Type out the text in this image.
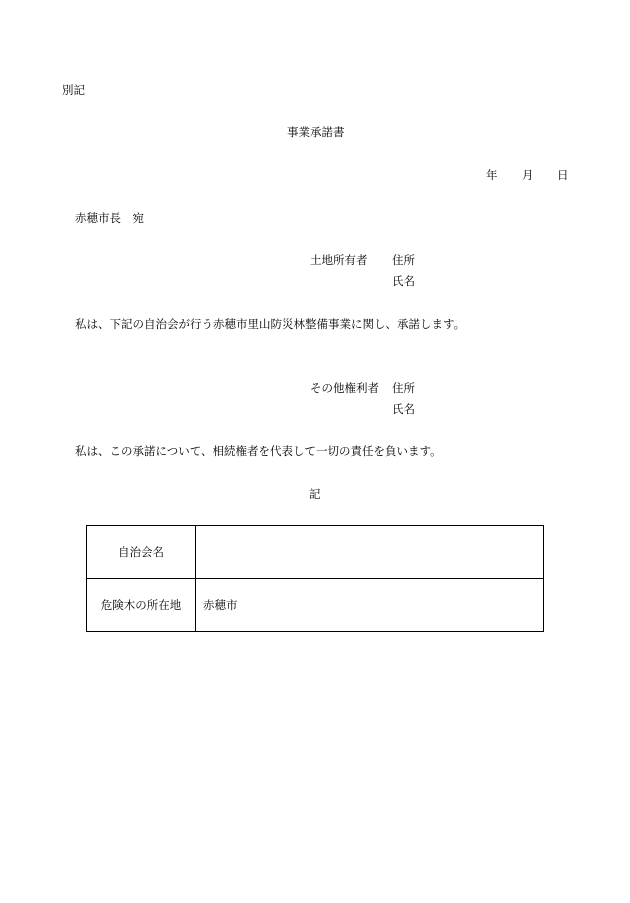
別記
事業承諾書
年 月 日
赤穂市長　宛
土地所有者 住所
氏名
私は、下記の自治会が行う赤穂市里山防災林整備事業に関し、承諾します。
その他権利者 住所
氏名
私は、この承諾について、相続権者を代表して一切の責任を負います。
記
自治会名	
危険木の所在地	赤穂市
